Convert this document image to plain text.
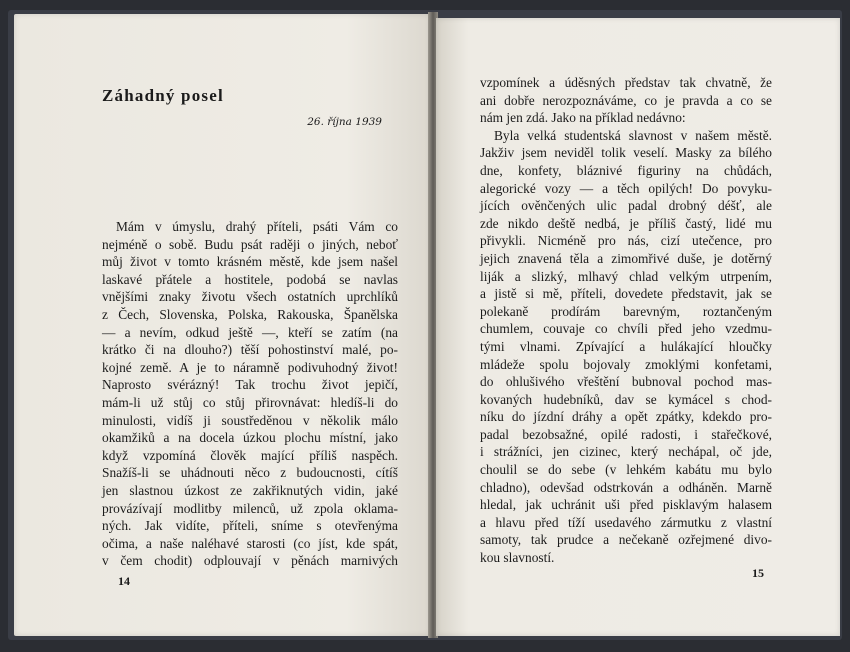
Záhadný posel

26. října 1939

Mám v úmyslu, drahý příteli, psáti Vám co
nejméně o sobě. Budu psát raději o jiných, neboť
můj život v tomto krásném městě, kde jsem našel
laskavé přátele a hostitele, podobá se navlas
vnějšími znaky životu všech ostatních uprchlíků
z Čech, Slovenska, Polska, Rakouska, Španělska
— a nevím, odkud ještě —, kteří se zatím (na
krátko či na dlouho?) těší pohostinství malé, po-
kojné země. A je to náramně podivuhodný život!
Naprosto svérázný! Tak trochu život jepičí,
mám-li už stůj co stůj přirovnávat: hledíš-li do
minulosti, vidíš ji soustředěnou v několik málo
okamžiků a na docela úzkou plochu místní, jako
když vzpomíná člověk mající příliš naspěch.
Snažíš-li se uhádnouti něco z budoucnosti, cítíš
jen slastnou úzkost ze zakřiknutých vidin, jaké
provázívají modlitby milenců, už zpola oklama-
ných. Jak vidíte, příteli, sníme s otevřenýma
očima, a naše naléhavé starosti (co jíst, kde spát,
v čem chodit) odplouvají v pěnách marnivých

14

vzpomínek a úděsných představ tak chvatně, že
ani dobře nerozpoznáváme, co je pravda a co se
nám jen zdá. Jako na příklad nedávno:
Byla velká studentská slavnost v našem městě.
Jakživ jsem neviděl tolik veselí. Masky za bílého
dne, konfety, bláznivé figuriny na chůdách,
alegorické vozy — a těch opilých! Do povyku-
jících ověnčených ulic padal drobný déšť, ale
zde nikdo deště nedbá, je příliš častý, lidé mu
přivykli. Nicméně pro nás, cizí utečence, pro
jejich znavená těla a zimomřivé duše, je dotěrný
liják a slizký, mlhavý chlad velkým utrpením,
a jistě si mě, příteli, dovedete představit, jak se
polekaně prodírám barevným, roztančeným
chumlem, couvaje co chvíli před jeho vzedmu-
tými vlnami. Zpívající a hulákající hloučky
mládeže spolu bojovaly zmoklými konfetami,
do ohlušivého vřeštění bubnoval pochod mas-
kovaných hudebníků, dav se kymácel s chod-
níku do jízdní dráhy a opět zpátky, kdekdo pro-
padal bezobsažné, opilé radosti, i stařečkové,
i strážníci, jen cizinec, který nechápal, oč jde,
choulil se do sebe (v lehkém kabátu mu bylo
chladno), odevšad odstrkován a odháněn. Marně
hledal, jak uchránit uši před pisklavým halasem
a hlavu před tíží usedavého zármutku z vlastní
samoty, tak prudce a nečekaně ozřejmené divo-
kou slavností.

15
